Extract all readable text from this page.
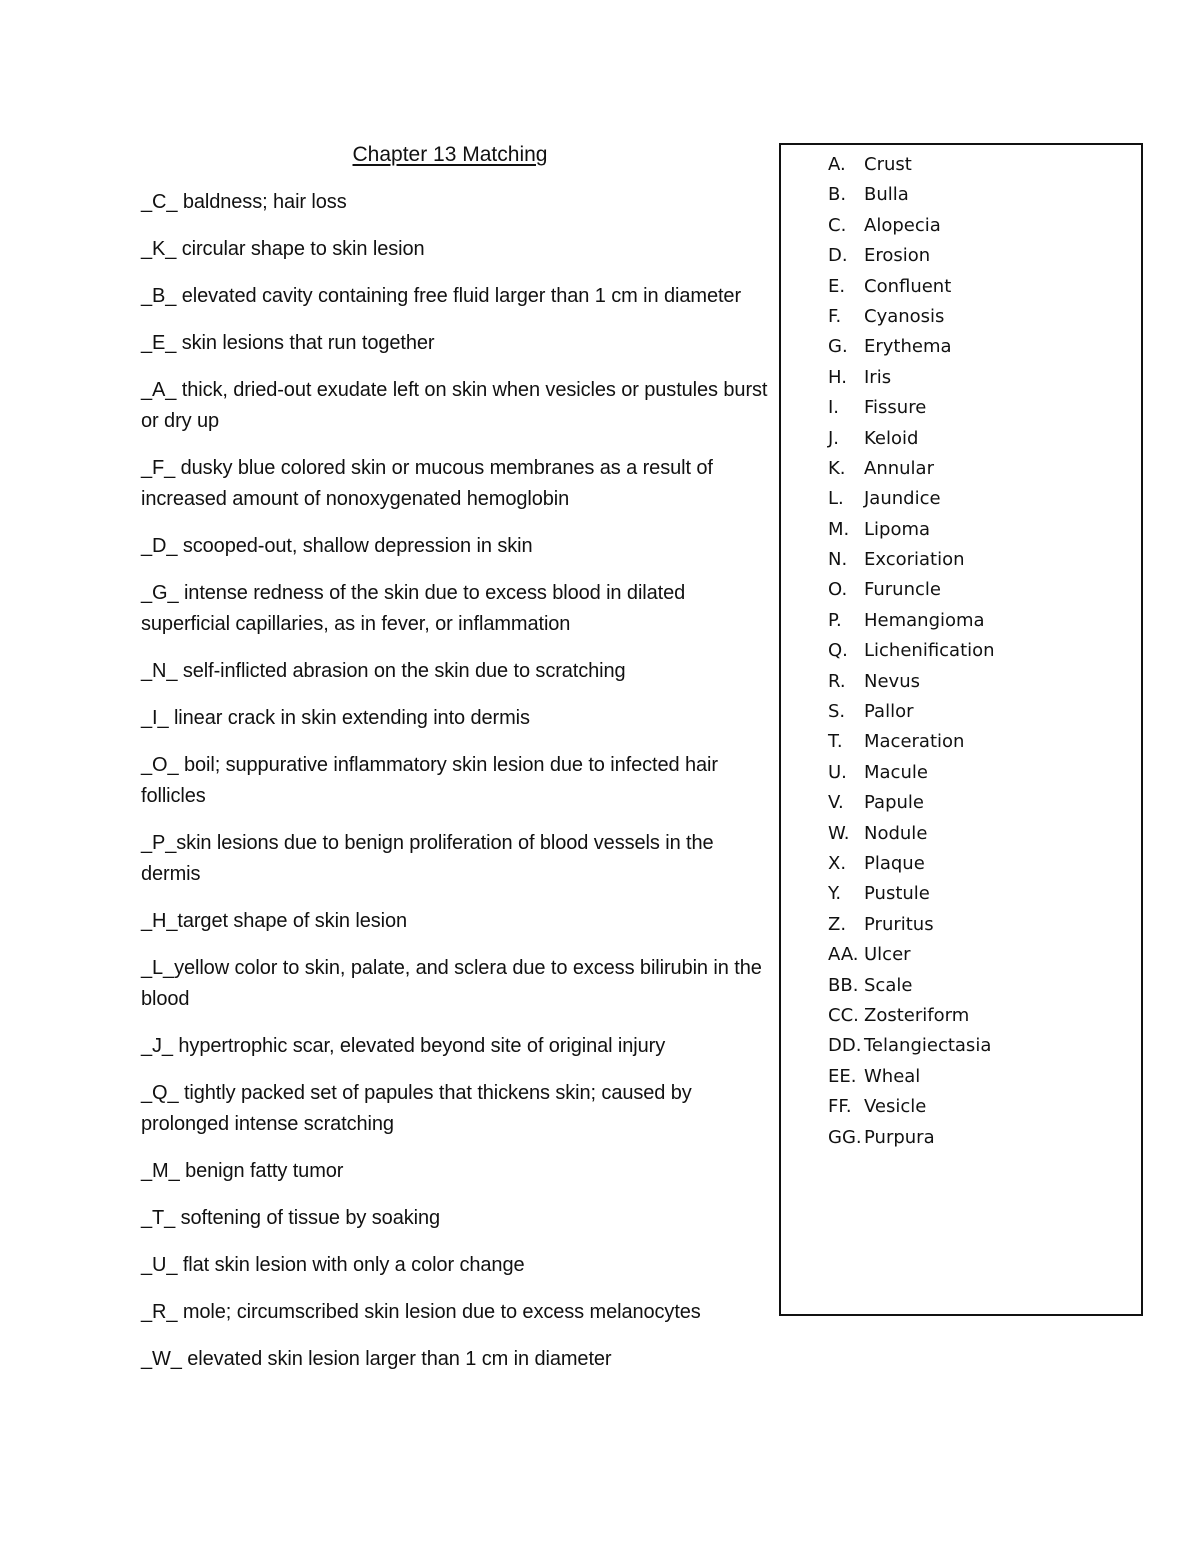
Chapter 13 Matching
_C_ baldness; hair loss
_K_ circular shape to skin lesion
_B_ elevated cavity containing free fluid larger than 1 cm in diameter
_E_ skin lesions that run together
_A_ thick, dried-out exudate left on skin when vesicles or pustules burst or dry up
_F_ dusky blue colored skin or mucous membranes as a result of increased amount of nonoxygenated hemoglobin
_D_ scooped-out, shallow depression in skin
_G_ intense redness of the skin due to excess blood in dilated superficial capillaries, as in fever, or inflammation
_N_ self-inflicted abrasion on the skin due to scratching
_I_ linear crack in skin extending into dermis
_O_ boil; suppurative inflammatory skin lesion due to infected hair follicles
_P_skin lesions due to benign proliferation of blood vessels in the dermis
_H_target shape of skin lesion
_L_yellow color to skin, palate, and sclera due to excess bilirubin in the blood
_J_ hypertrophic scar, elevated beyond site of original injury
_Q_ tightly packed set of papules that thickens skin; caused by prolonged intense scratching
_M_ benign fatty tumor
_T_ softening of tissue by soaking
_U_ flat skin lesion with only a color change
_R_ mole; circumscribed skin lesion due to excess melanocytes
_W_ elevated skin lesion larger than 1 cm in diameter
A. Crust
B. Bulla
C. Alopecia
D. Erosion
E. Confluent
F. Cyanosis
G. Erythema
H. Iris
I. Fissure
J. Keloid
K. Annular
L. Jaundice
M. Lipoma
N. Excoriation
O. Furuncle
P. Hemangioma
Q. Lichenification
R. Nevus
S. Pallor
T. Maceration
U. Macule
V. Papule
W. Nodule
X. Plaque
Y. Pustule
Z. Pruritus
AA. Ulcer
BB. Scale
CC. Zosteriform
DD. Telangiectasia
EE. Wheal
FF. Vesicle
GG. Purpura
